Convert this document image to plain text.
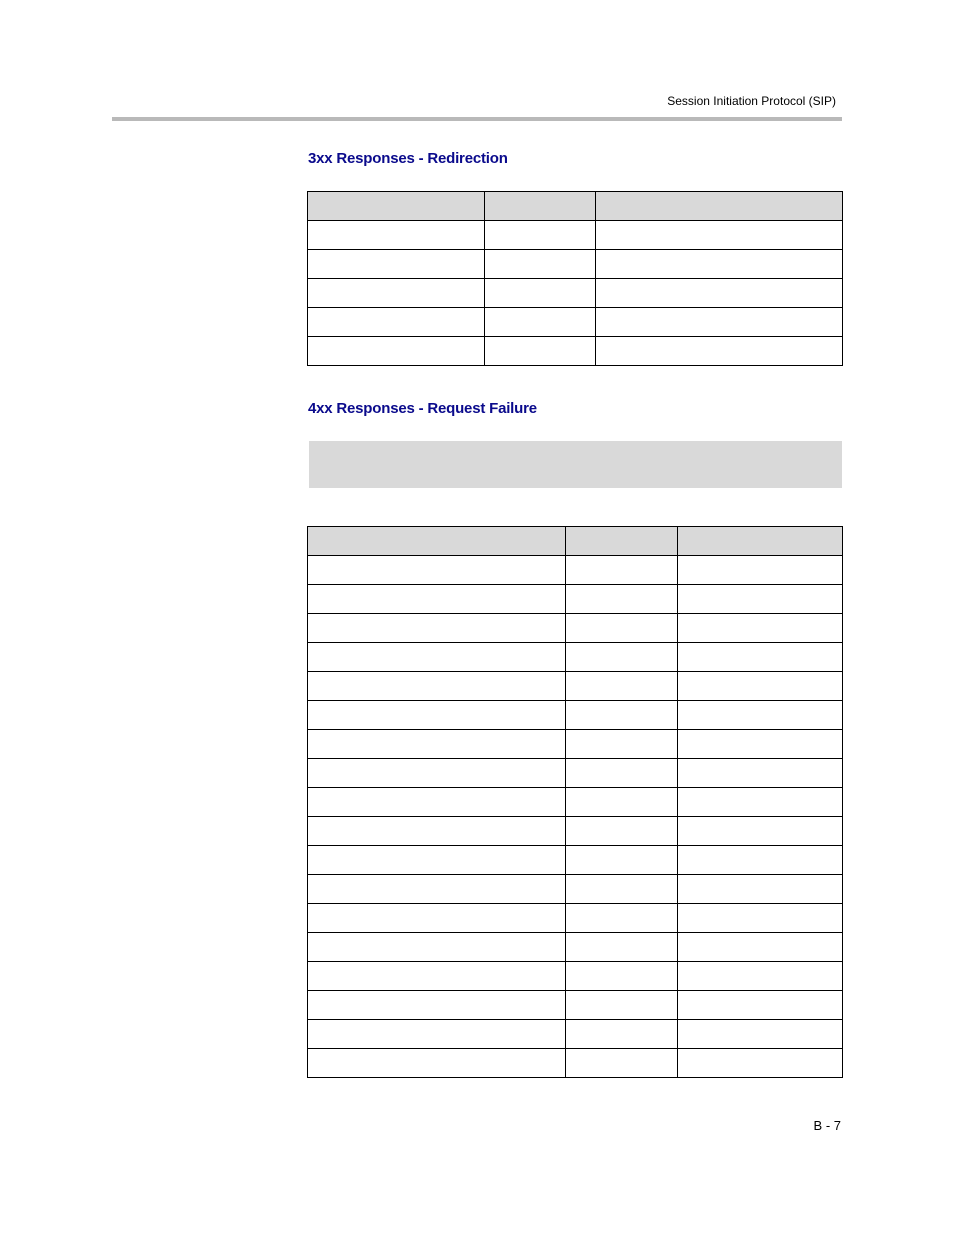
Session Initiation Protocol (SIP)
3xx Responses - Redirection

4xx Responses - Request Failure

B - 7
